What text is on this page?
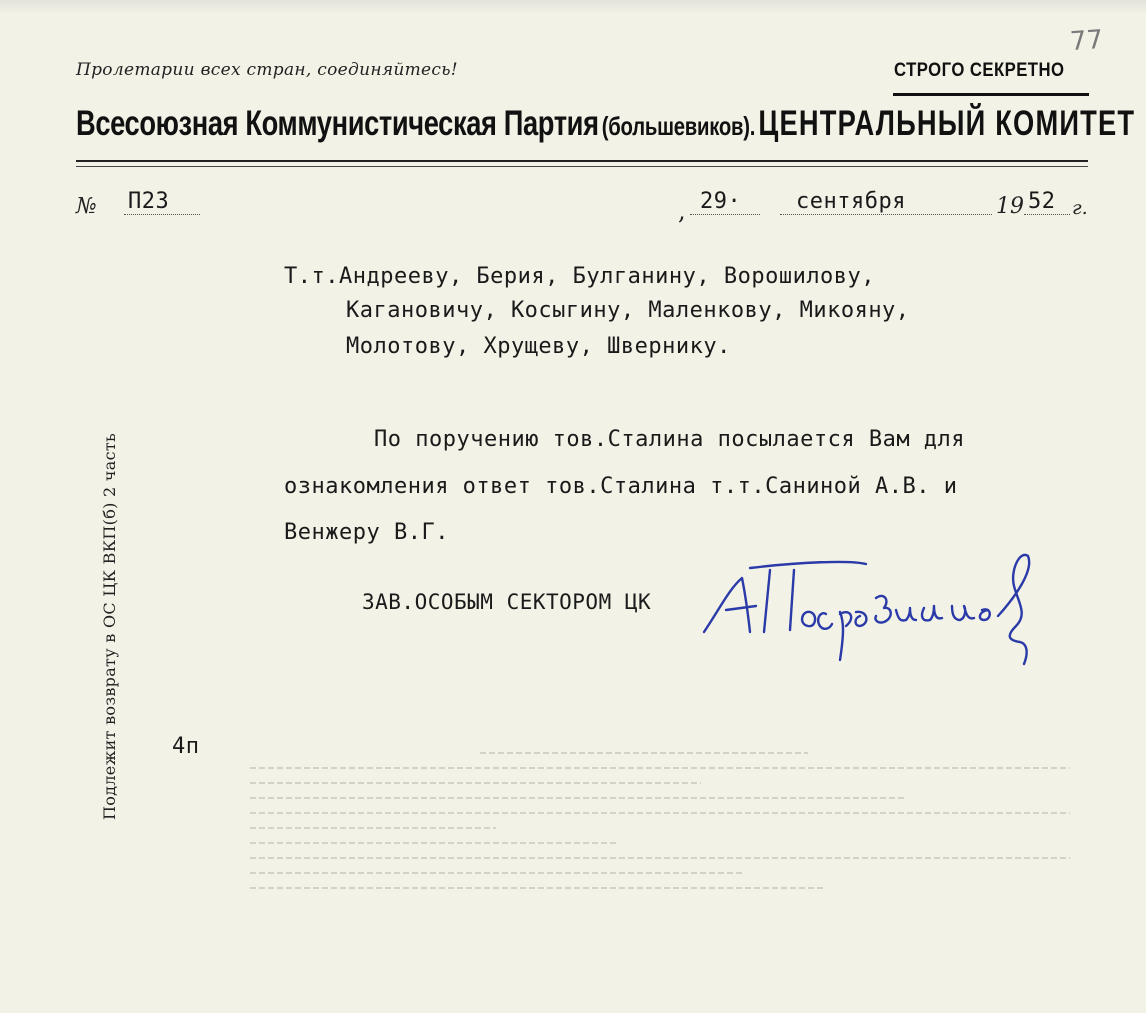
77
Пролетарии всех стран, соединяйтесь!	СТРОГО СЕКРЕТНО
Всесоюзная Коммунистическая Партия (большевиков). ЦЕНТРАЛЬНЫЙ КОМИТЕТ
№ П23	, 29· сентября	19 52 г.
Т.т.Андрееву, Берия, Булганину, Ворошилову,
Кагановичу, Косыгину, Маленкову, Микояну,
Молотову, Хрущеву, Швернику.
По поручению тов.Сталина посылается Вам для
ознакомления ответ тов.Сталина т.т.Саниной А.В. и
Венжеру В.Г.
ЗАВ.ОСОБЫМ СЕКТОРОМ ЦК
4п
Подлежит возврату в ОС ЦК ВКП(б) 2 часть
